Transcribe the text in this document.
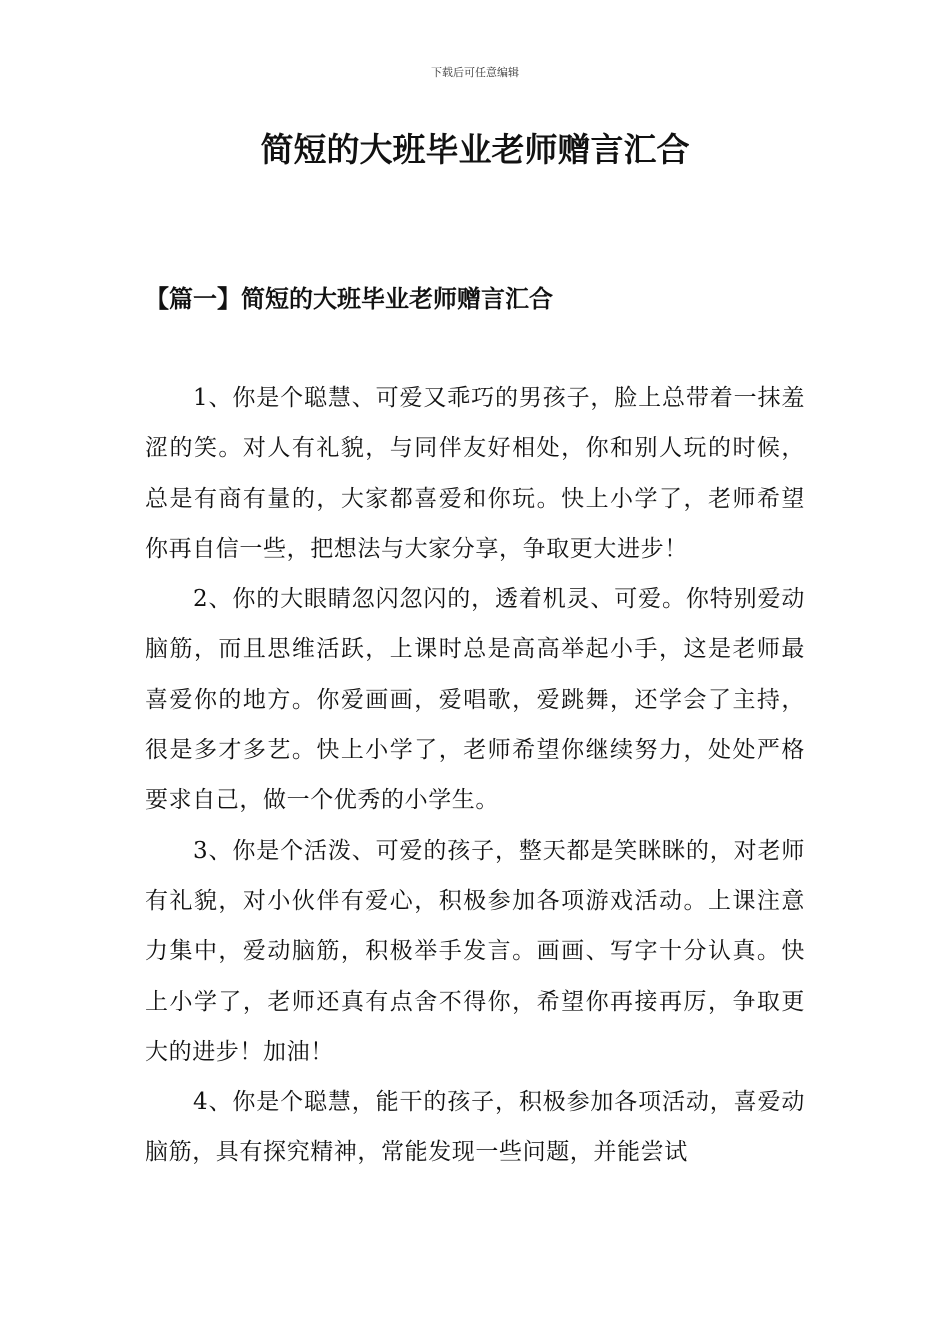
下载后可任意编辑
简短的大班毕业老师赠言汇合
【篇一】简短的大班毕业老师赠言汇合

1、你是个聪慧、可爱又乖巧的男孩子，脸上总带着一抹羞涩的笑。对人有礼貌，与同伴友好相处，你和别人玩的时候，总是有商有量的，大家都喜爱和你玩。快上小学了，老师希望你再自信一些，把想法与大家分享，争取更大进步！

2、你的大眼睛忽闪忽闪的，透着机灵、可爱。你特别爱动脑筋，而且思维活跃，上课时总是高高举起小手，这是老师最喜爱你的地方。你爱画画，爱唱歌，爱跳舞，还学会了主持，很是多才多艺。快上小学了，老师希望你继续努力，处处严格要求自己，做一个优秀的小学生。

3、你是个活泼、可爱的孩子，整天都是笑眯眯的，对老师有礼貌，对小伙伴有爱心，积极参加各项游戏活动。上课注意力集中，爱动脑筋，积极举手发言。画画、写字十分认真。快上小学了，老师还真有点舍不得你，希望你再接再厉，争取更大的进步！加油！

4、你是个聪慧，能干的孩子，积极参加各项活动，喜爱动脑筋，具有探究精神，常能发现一些问题，并能尝试
